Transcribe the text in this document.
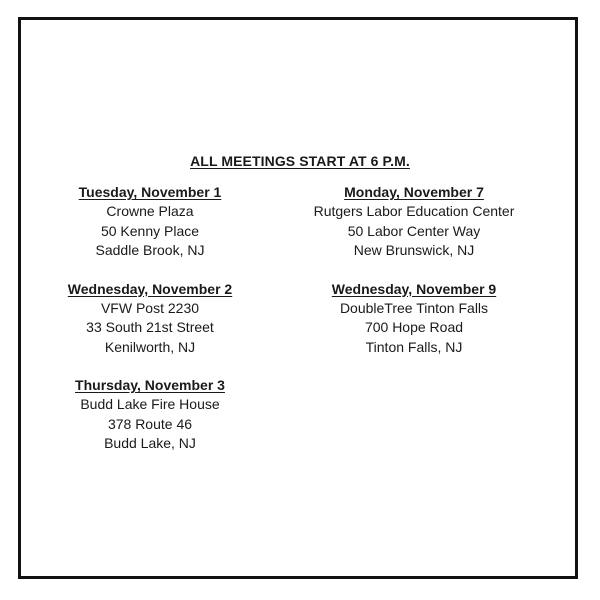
ALL MEETINGS START AT 6 P.M.
Tuesday, November 1
Crowne Plaza
50 Kenny Place
Saddle Brook, NJ
Wednesday, November 2
VFW Post 2230
33 South 21st Street
Kenilworth, NJ
Thursday, November 3
Budd Lake Fire House
378 Route 46
Budd Lake, NJ
Monday, November 7
Rutgers Labor Education Center
50 Labor Center Way
New Brunswick, NJ
Wednesday, November 9
DoubleTree Tinton Falls
700 Hope Road
Tinton Falls, NJ
